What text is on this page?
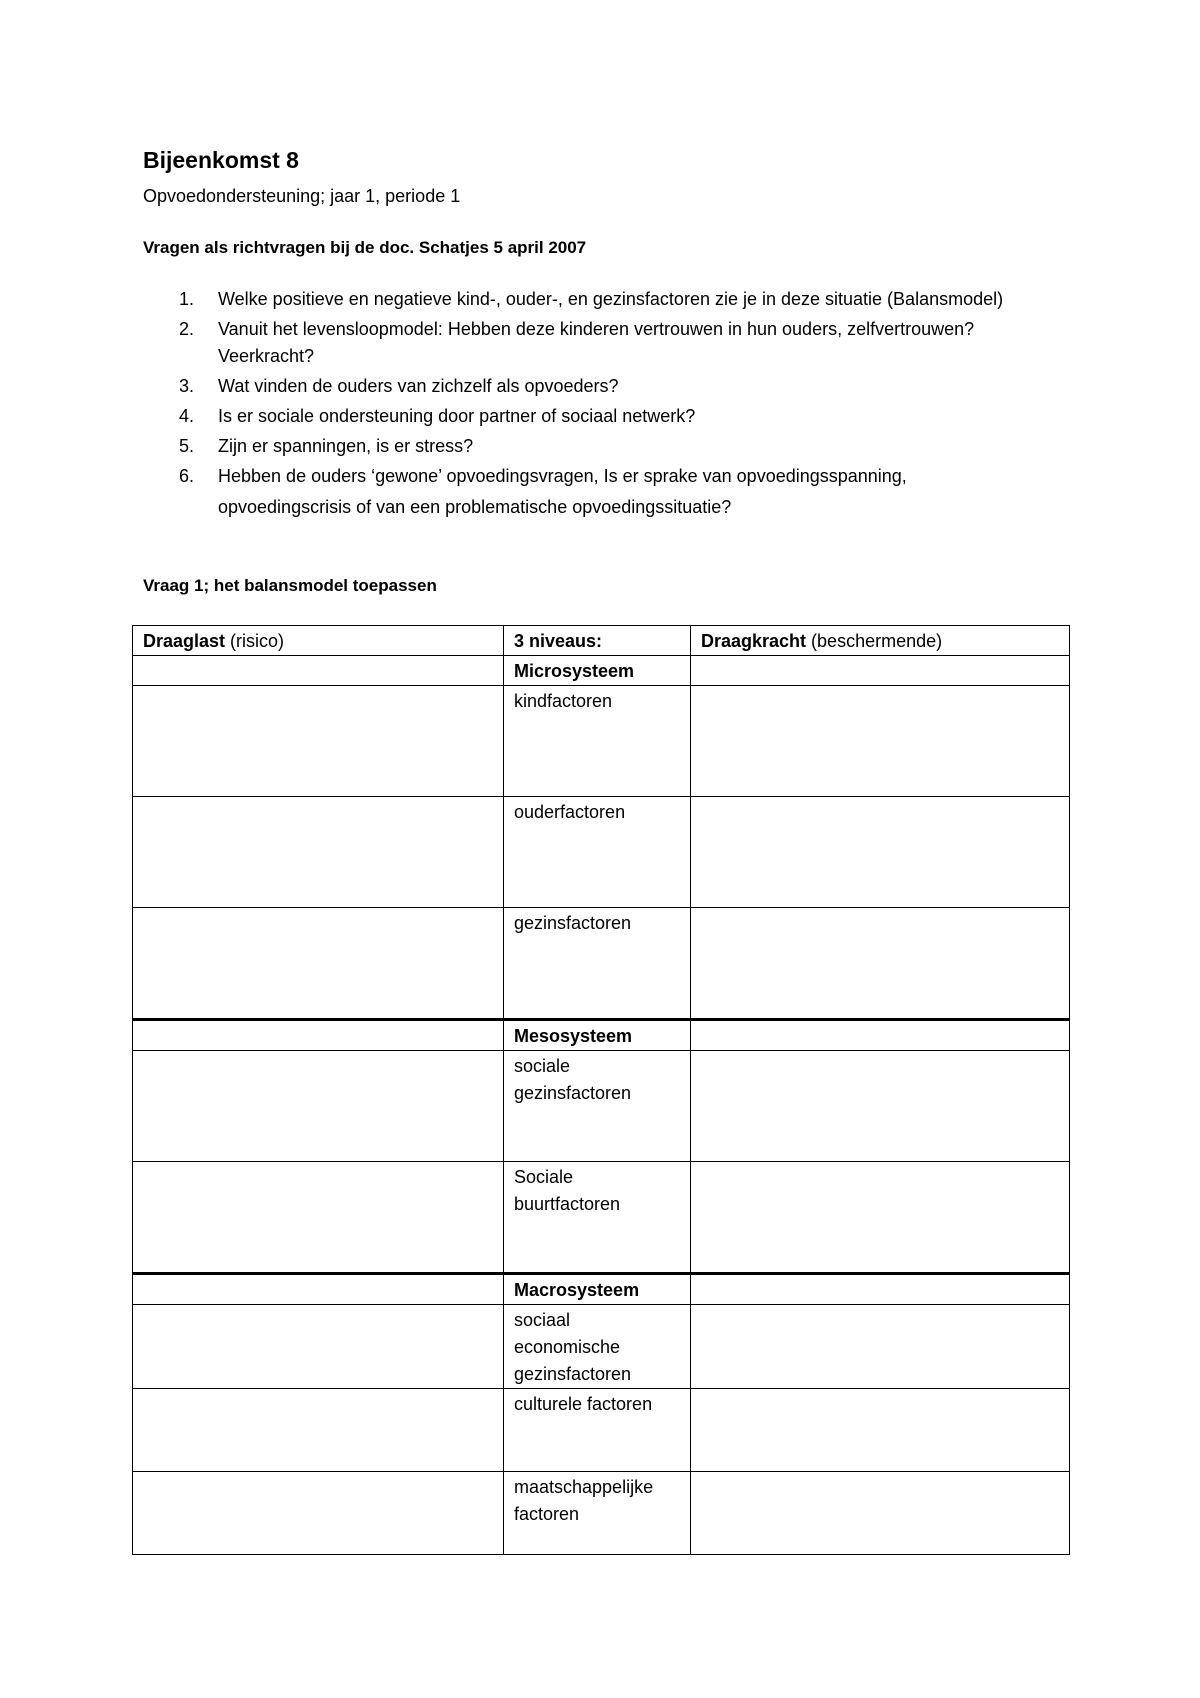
Bijeenkomst 8

Opvoedondersteuning; jaar 1, periode 1

Vragen als richtvragen bij de doc. Schatjes 5 april 2007

1. Welke positieve en negatieve kind-, ouder-, en gezinsfactoren zie je in deze situatie (Balansmodel)
2. Vanuit het levensloopmodel: Hebben deze kinderen vertrouwen in hun ouders, zelfvertrouwen? Veerkracht?
3. Wat vinden de ouders van zichzelf als opvoeders?
4. Is er sociale ondersteuning door partner of sociaal netwerk?
5. Zijn er spanningen, is er stress?
6. Hebben de ouders ‘gewone’ opvoedingsvragen, Is er sprake van opvoedingsspanning, opvoedingscrisis of van een problematische opvoedingssituatie?

Vraag 1; het balansmodel toepassen

Draaglast (risico)	3 niveaus:	Draagkracht (beschermende)
	Microsysteem	
	kindfactoren	
	ouderfactoren	
	gezinsfactoren	
	Mesosysteem	
	sociale gezinsfactoren	
	Sociale buurtfactoren	
	Macrosysteem	
	sociaal economische gezinsfactoren	
	culturele factoren	
	maatschappelijke factoren	
